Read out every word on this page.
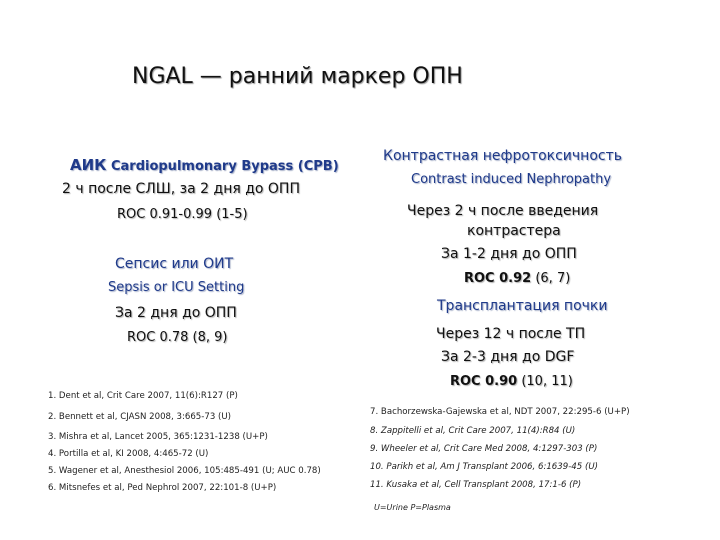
NGAL — ранний маркер ОПН
АИК Cardiopulmonary Bypass (CPB)
2 ч после СЛШ, за 2 дня до ОПП
ROC 0.91-0.99 (1-5)
Сепсис или ОИТ
Sepsis or ICU Setting
За 2 дня до ОПП
ROC 0.78 (8, 9)
Контрастная нефротоксичность
Contrast induced Nephropathy
Через 2 ч после введения
контрастера
За 1-2 дня до ОПП
ROC 0.92 (6, 7)
Трансплантация почки
Через 12 ч после ТП
За 2-3 дня до DGF
ROC 0.90 (10, 11)
1. Dent et al, Crit Care 2007, 11(6):R127 (P)
2. Bennett et al, CJASN 2008, 3:665-73 (U)
3. Mishra et al, Lancet 2005, 365:1231-1238 (U+P)
4. Portilla et al, KI 2008, 4:465-72 (U)
5. Wagener et al, Anesthesiol 2006, 105:485-491 (U; AUC 0.78)
6. Mitsnefes et al, Ped Nephrol 2007, 22:101-8 (U+P)
7. Bachorzewska-Gajewska et al, NDT 2007, 22:295-6 (U+P)
8. Zappitelli et al, Crit Care 2007, 11(4):R84 (U)
9. Wheeler et al, Crit Care Med 2008, 4:1297-303 (P)
10. Parikh et al, Am J Transplant 2006, 6:1639-45 (U)
11. Kusaka et al, Cell Transplant 2008, 17:1-6 (P)
U=Urine P=Plasma
